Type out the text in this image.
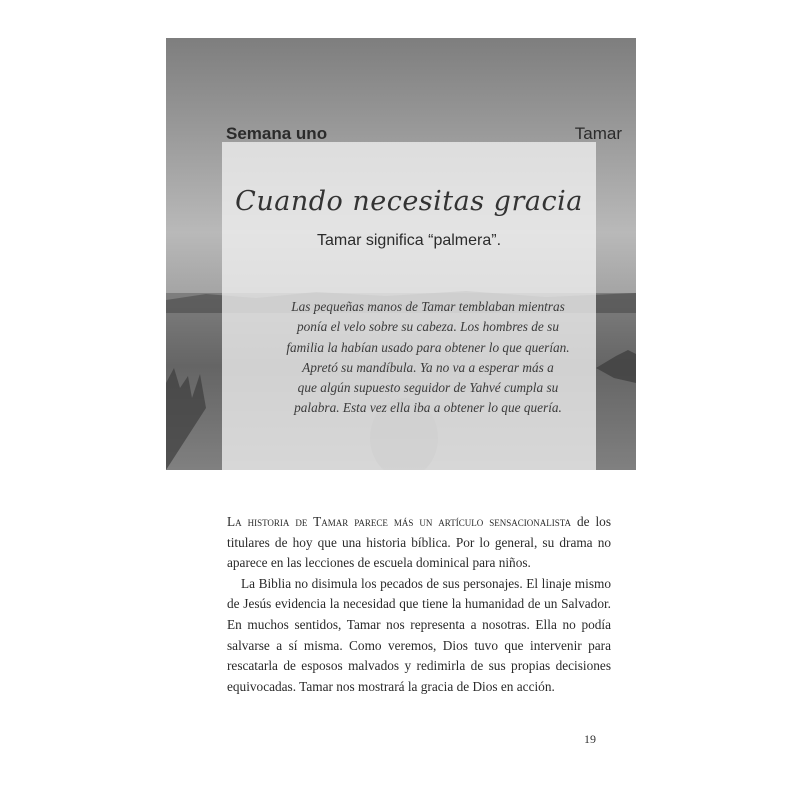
Semana uno	Tamar
Cuando necesitas gracia
Tamar significa “palmera”.
Las pequeñas manos de Tamar temblaban mientras
ponía el velo sobre su cabeza. Los hombres de su
familia la habían usado para obtener lo que querían.
Apretó su mandíbula. Ya no va a esperar más a
que algún supuesto seguidor de Yahvé cumpla su
palabra. Esta vez ella iba a obtener lo que quería.

La historia de Tamar parece más un artículo sensacionalista de los titulares de hoy que una historia bíblica. Por lo general, su drama no aparece en las lecciones de escuela dominical para niños.

La Biblia no disimula los pecados de sus personajes. El linaje mismo de Jesús evidencia la necesidad que tiene la humanidad de un Salvador. En muchos sentidos, Tamar nos representa a nosotras. Ella no podía salvarse a sí misma. Como veremos, Dios tuvo que intervenir para rescatarla de esposos malvados y redimirla de sus propias decisiones equivocadas. Tamar nos mostrará la gracia de Dios en acción.

19
